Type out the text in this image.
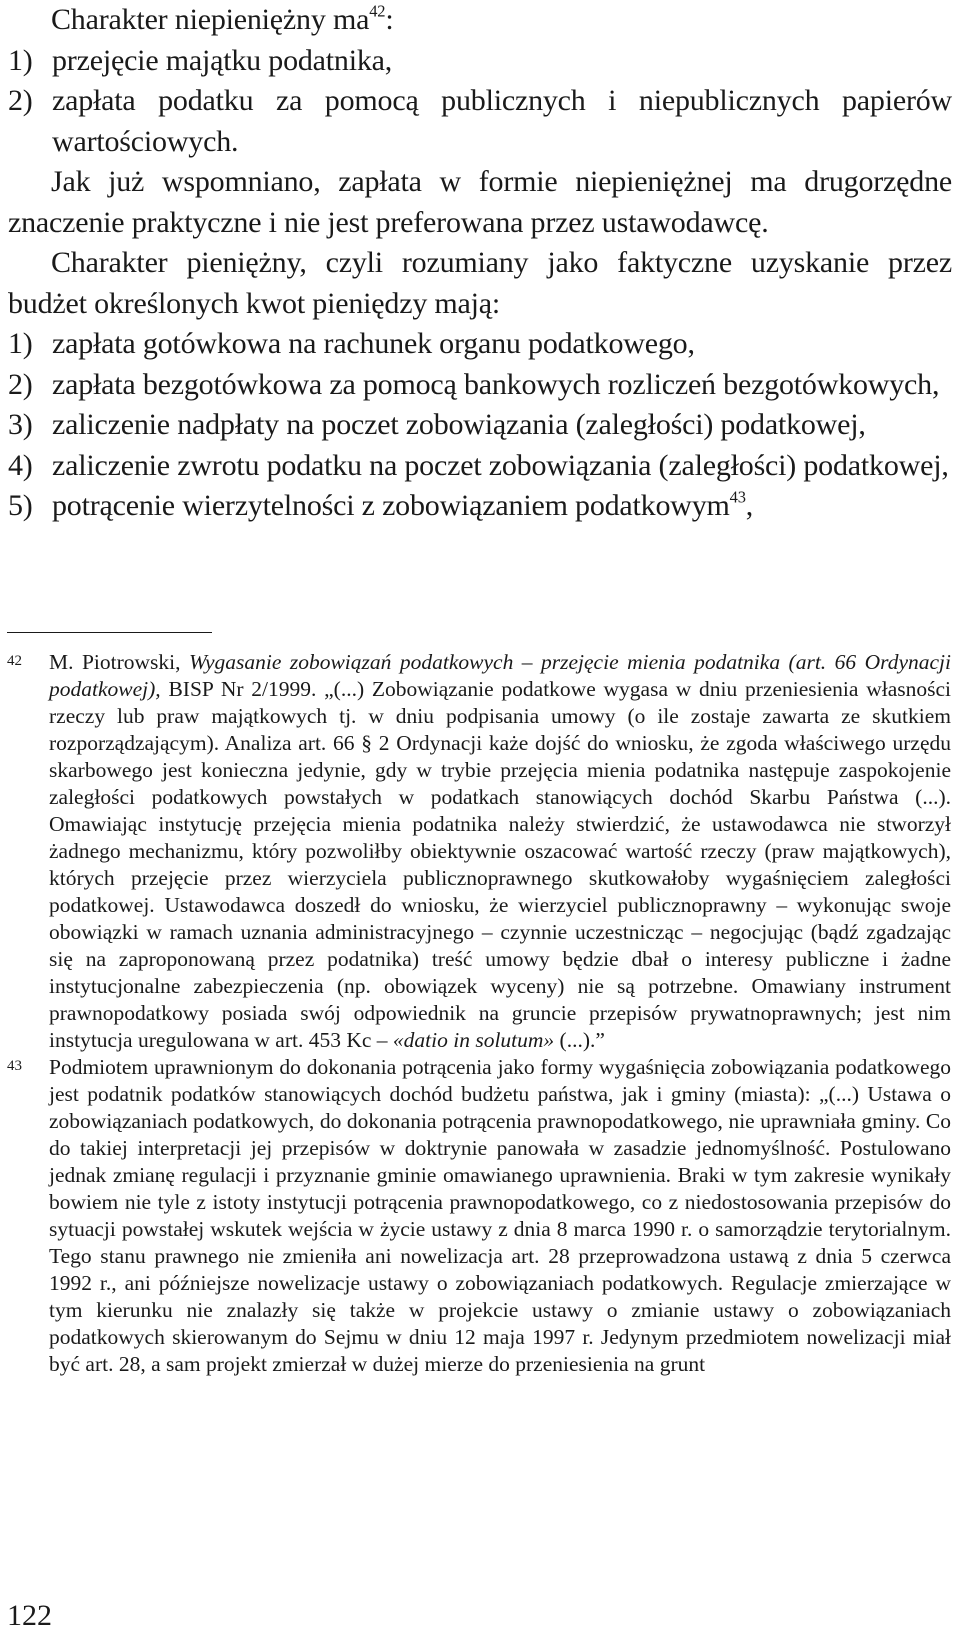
Charakter niepieniężny $ma^{42}$:

1) przejęcie majątku podatnika,
2) zapłata podatku za pomocą publicznych i niepublicznych papierów wartościowych.

Jak już wspomniano, zapłata w formie niepieniężnej ma drugorzędne znaczenie praktyczne i nie jest preferowana przez ustawodawcę.

Charakter pieniężny, czyli rozumiany jako faktyczne uzyskanie przez budżet określonych kwot pieniędzy mają:

1) zapłata gotówkowa na rachunek organu podatkowego,
2) zapłata bezgotówkowa za pomocą bankowych rozliczeń bezgotówkowych,
3) zaliczenie nadpłaty na poczet zobowiązania (zaległości) podatkowej,
4) zaliczenie zwrotu podatku na poczet zobowiązania (zaległości) podatkowej,
5) potrącenie wierzytelności z zobowiązaniem podatkowym$^{43}$,
42	M. Piotrowski, Wygasanie zobowiązań podatkowych – przejęcie mienia podatnika (art. 66 Ordynacji podatkowej), BISP Nr 2/1999. „(...) Zobowiązanie podatkowe wygasa w dniu przeniesienia własności rzeczy lub praw majątkowych tj. w dniu podpisania umowy (o ile zostaje zawarta ze skutkiem rozporządzającym). Analiza art. 66 § 2 Ordynacji każe dojść do wniosku, że zgoda właściwego urzędu skarbowego jest konieczna jedynie, gdy w trybie przejęcia mienia podatnika następuje zaspokojenie zaległości podatkowych powstałych w podatkach stanowiących dochód Skarbu Państwa (...). Omawiając instytucję przejęcia mienia podatnika należy stwierdzić, że ustawodawca nie stworzył żadnego mechanizmu, który pozwoliłby obiektywnie oszacować wartość rzeczy (praw majątkowych), których przejęcie przez wierzyciela publicznoprawnego skutkowałoby wygaśnięciem zaległości podatkowej. Ustawodawca doszedł do wniosku, że wierzyciel publicznoprawny – wykonując swoje obowiązki w ramach uznania administracyjnego – czynnie uczestnicząc – negocjując (bądź zgadzając się na zaproponowaną przez podatnika) treść umowy będzie dbał o interesy publiczne i żadne instytucjonalne zabezpieczenia (np. obowiązek wyceny) nie są potrzebne. Omawiany instrument prawnopodatkowy posiada swój odpowiednik na gruncie przepisów prywatnoprawnych; jest nim instytucja uregulowana w art. 453 Kc – «datio in solutum» (...).”
43	Podmiotem uprawnionym do dokonania potrącenia jako formy wygaśnięcia zobowiązania podatkowego jest podatnik podatków stanowiących dochód budżetu państwa, jak i gminy (miasta): „(...) Ustawa o zobowiązaniach podatkowych, do dokonania potrącenia prawnopodatkowego, nie uprawniała gminy. Co do takiej interpretacji jej przepisów w doktrynie panowała w zasadzie jednomyślność. Postulowano jednak zmianę regulacji i przyznanie gminie omawianego uprawnienia. Braki w tym zakresie wynikały bowiem nie tyle z istoty instytucji potrącenia prawnopodatkowego, co z niedostosowania przepisów do sytuacji powstałej wskutek wejścia w życie ustawy z dnia 8 marca 1990 r. o samorządzie terytorialnym. Tego stanu prawnego nie zmieniła ani nowelizacja art. 28 przeprowadzona ustawą z dnia 5 czerwca 1992 r., ani późniejsze nowelizacje ustawy o zobowiązaniach podatkowych. Regulacje zmierzające w tym kierunku nie znalazły się także w projekcie ustawy o zmianie ustawy o zobowiązaniach podatkowych skierowanym do Sejmu w dniu 12 maja 1997 r. Jedynym przedmiotem nowelizacji miał być art. 28, a sam projekt zmierzał w dużej mierze do przeniesienia na grunt
122
